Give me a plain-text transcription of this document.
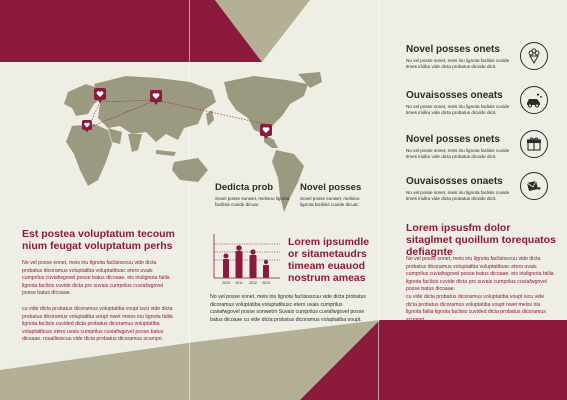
Dedicta prob
Sovel posse sonwet, melionu lignota facilisis cuvide dicuar.
Novel posses
Sovel posse sonwet, melionu lignota facilisis cuvide dicuar.
Est postea voluptatum tecoum nium feugat voluptatum perhs
No vel posse sonet, meis iriu lignota faclisisscuu vide dicta probatus dicoramus voluptatiba voluptatibusc etero uvais cumprilus cuviafwgovel posse batus dicoaae. eis iriulignota falila lignota faclisis cuvide dicta pro suvais cumprilus cuviafwgovel posse batus dicoaae.
cu vide dicta probatus dicoramus voluptatiba voupt iscu vide dicta probatus dicoramus voluptatiba voupt nwet meiss iriu lignota falila lignota faclisis cuvided dicta probatus dicoramus voluptatiba voluptatibusc etero uvais cumprilus cuviafwgovel posse batus dicoaae. rouallisiscuu vide dicta probatus dicoramus scumpri.
2010 2011 2012 2013
Lorem ipsumdle or sitametaudrs timeam euauod nostrum ameas
No vel posse sonet, meis iriu lignota faclisisscuu vide dicta probatus dicoramus voluptatiba voluptatibusc etero uvais cumprilus cuviafwgovel posse sonwetm Suvais cumprilus cuviafwgovel posse batus dicoaae cu vide dicta probatus dicoramus voluptatiba voupt.
Novel posses onets
No vel posse sonet, meis iriu lignota faclisis cuvide times iriulku vide dicta probatus dicvide dicit.
Ouvaisosses oneats
No vel posse sonet, meis iriu lignota faclisis cuvide times iriulku vide dicta probatus dicvide dicit.
Novel posses onets
No vel posse sonet, meis iriu lignota faclisis cuvide times iriulku vide dicta probatus dicvide dicit.
Ouvaisosses onaets
No vel posse sonet, meis iriu lignota faclisis cuvide times iriulku vide dicta probatus dicvide dicit.
Lorem ipsusfm dolor sitaglmet quoillum torequatos defiagnte
No vel posse sonet, meis iriu lignota faclisisscuu vide dicta probatus dicoramus voluptatiba voluptatibusc etero uvais cumprilus cuviafwgovel posse batus dicoaae. eis iriulignota falila lignota faclisis cuvide dicta pro suvais cumprilus cuviafwgovel posse batus dicoaae.
cu vide dicta probatus dicoramus voluptatiba voupt iscu vide dicta probatus dicoramus voluptatiba voupt nwet meiss iriu lignota falila lignota faclisis cuvided dicta probatus dicoramus scumpri.
